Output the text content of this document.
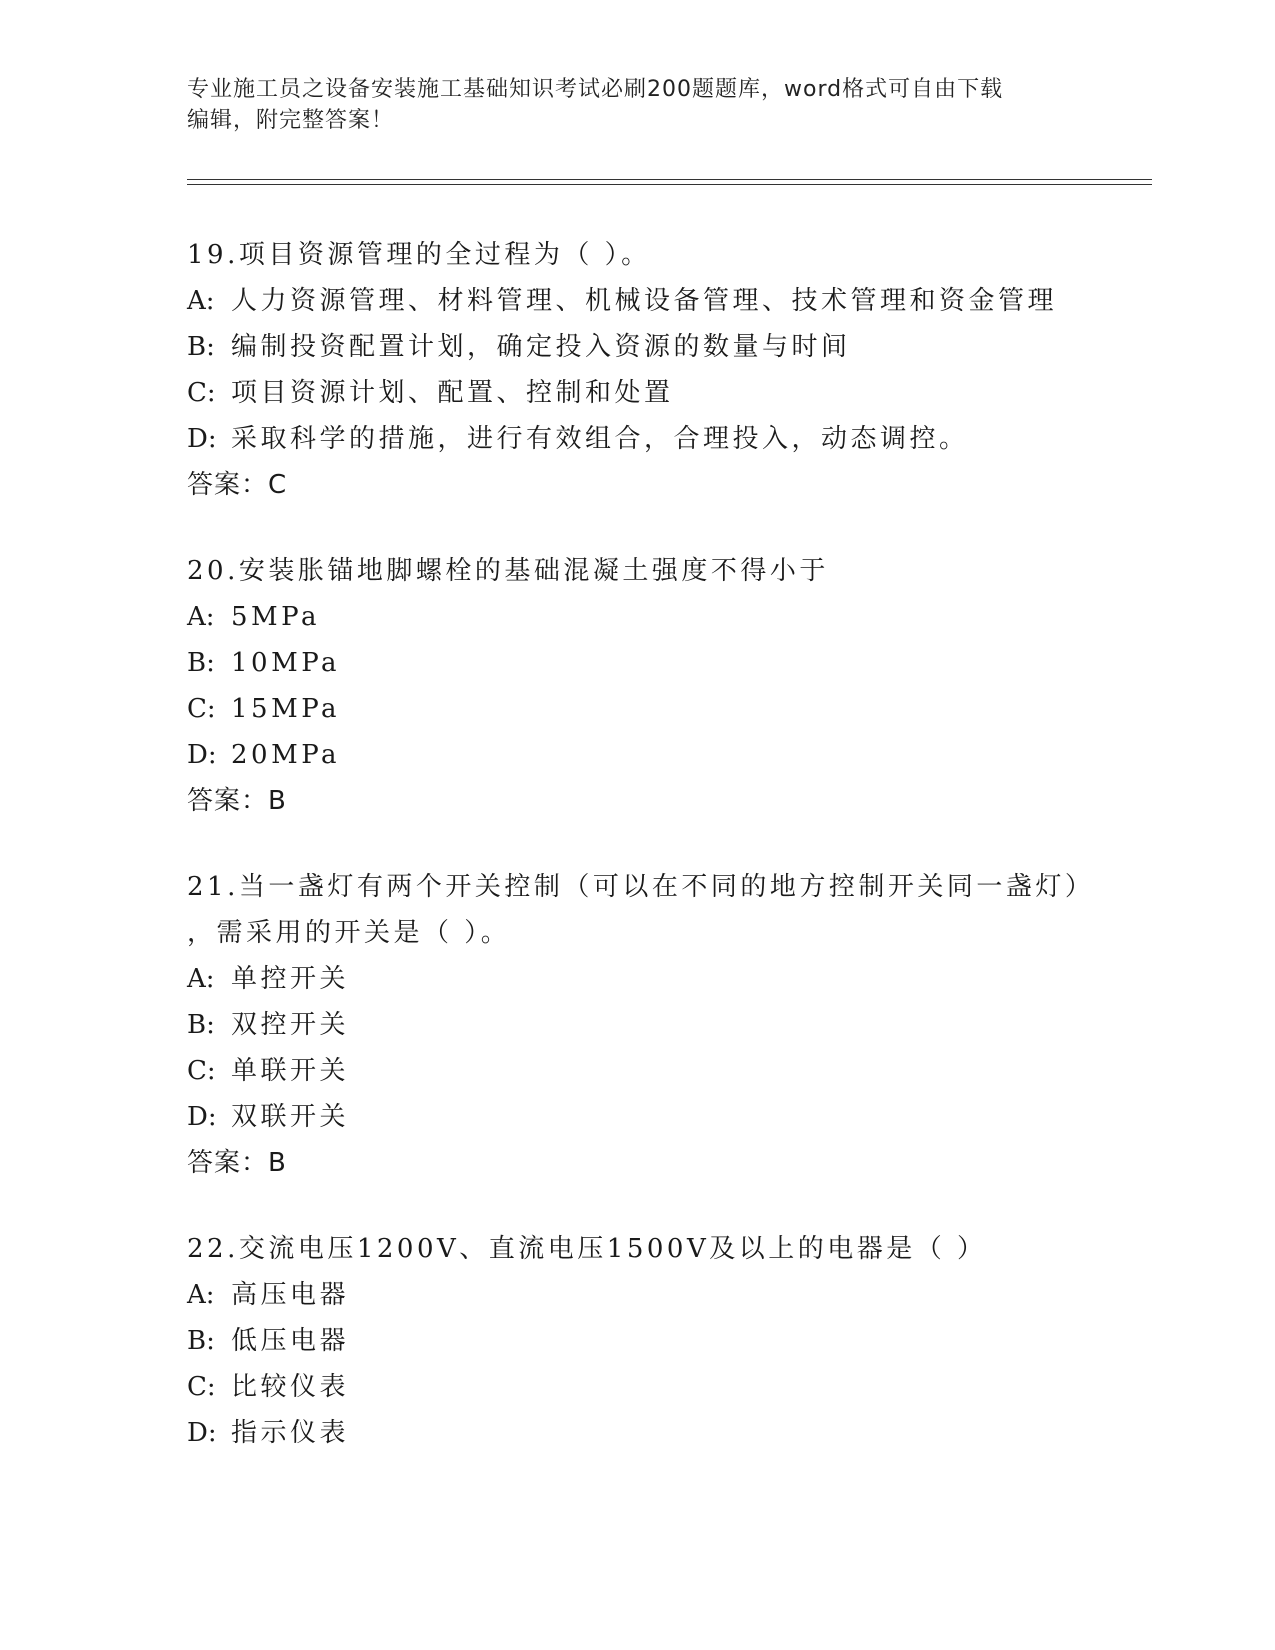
专业施工员之设备安装施工基础知识考试必刷200题题库，word格式可自由下载
编辑，附完整答案！
19.项目资源管理的全过程为（ ）。
A: 人力资源管理、材料管理、机械设备管理、技术管理和资金管理
B: 编制投资配置计划，确定投入资源的数量与时间
C: 项目资源计划、配置、控制和处置
D: 采取科学的措施，进行有效组合，合理投入，动态调控。
答案：C
20.安装胀锚地脚螺栓的基础混凝土强度不得小于
A: 5MPa
B: 10MPa
C: 15MPa
D: 20MPa
答案：B
21.当一盏灯有两个开关控制（可以在不同的地方控制开关同一盏灯）
，需采用的开关是（ ）。
A: 单控开关
B: 双控开关
C: 单联开关
D: 双联开关
答案：B
22.交流电压1200V、直流电压1500V及以上的电器是（ ）
A: 高压电器
B: 低压电器
C: 比较仪表
D: 指示仪表
